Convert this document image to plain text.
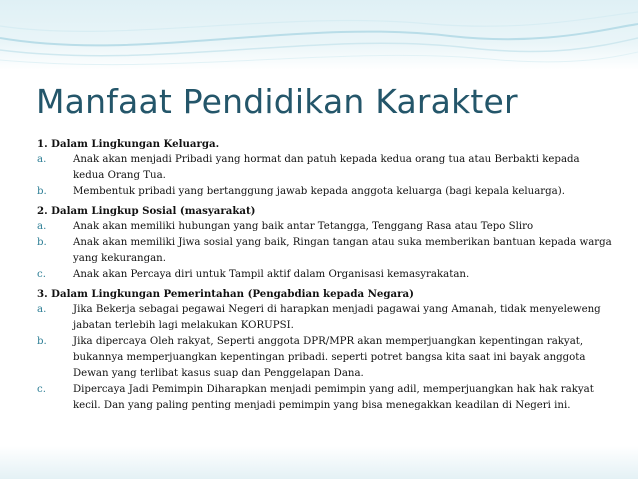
Manfaat Pendidikan Karakter
1. Dalam Lingkungan Keluarga.
a.	Anak akan menjadi Pribadi yang hormat dan patuh kepada kedua orang tua atau Berbakti kepada kedua Orang Tua.
b.	Membentuk pribadi yang bertanggung jawab kepada anggota keluarga (bagi kepala keluarga).
2. Dalam Lingkup Sosial (masyarakat)
a.	Anak akan memiliki hubungan yang baik antar Tetangga, Tenggang Rasa atau Tepo Sliro
b.	Anak akan memiliki Jiwa sosial yang baik, Ringan tangan atau suka memberikan bantuan kepada warga yang kekurangan.
c.	Anak akan Percaya diri untuk Tampil aktif dalam Organisasi kemasyrakatan.
3. Dalam Lingkungan Pemerintahan (Pengabdian kepada Negara)
a.	Jika Bekerja sebagai pegawai Negeri di harapkan menjadi pagawai yang Amanah, tidak menyeleweng jabatan terlebih lagi melakukan KORUPSI.
b.	Jika dipercaya Oleh rakyat, Seperti anggota DPR/MPR akan memperjuangkan kepentingan rakyat, bukannya memperjuangkan kepentingan pribadi. seperti potret bangsa kita saat ini bayak anggota Dewan yang terlibat kasus suap dan Penggelapan Dana.
c.	Dipercaya Jadi Pemimpin Diharapkan menjadi pemimpin yang adil, memperjuangkan hak hak rakyat kecil. Dan yang paling penting menjadi pemimpin yang bisa menegakkan keadilan di Negeri ini.
